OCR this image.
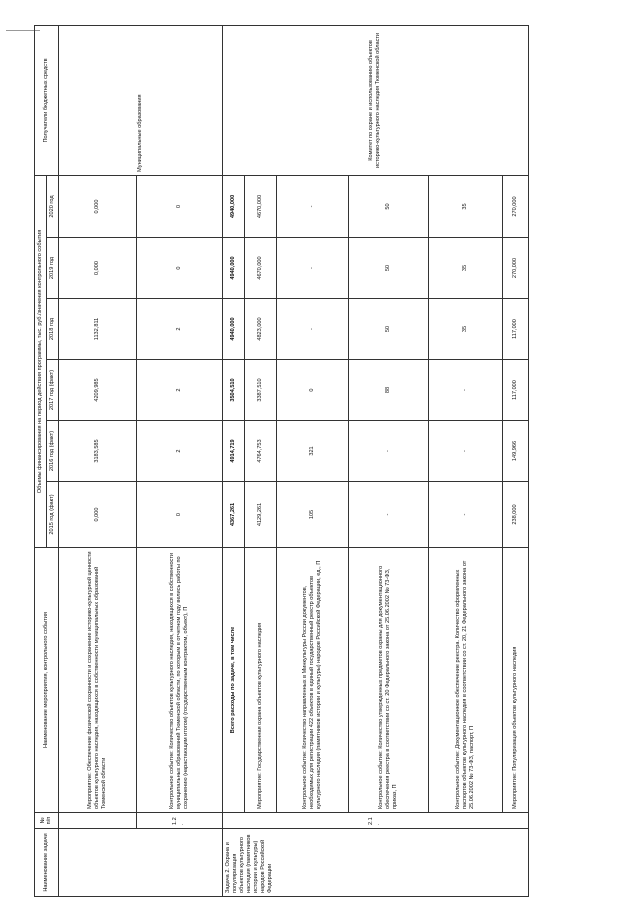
Наименование задачи	№ п/п	Наименование мероприятия, контрольного события	Объемы финансирования на период действия программы, тыс. руб./значения контрольного события						Получатели бюджетных средств
			2015 год (факт)	2016 год (факт)	2017 год (факт)	2018 год	2019 год	2020 год	
		Мероприятие: Обеспечение физической сохранности и сохранение историко-культурной ценности объектов культурного наследия, находящихся в собственности муниципальных образований Тюменской области	0,000	3183,585	4209,985	1132,811	0,000	0,000	Муниципальные образования
	1.2.	Контрольное событие: Количество объектов культурного наследия, находящихся в собственности муниципальных образований Тюменской области, по которым в отчетном году велись работы по сохранению (нарастающим итогом) (государственным контрактом, объект), П	0	2	2	2	0	0	
Задача 2. Охрана и популяризация объектов культурного наследия (памятников истории и культуры) народов Российской Федерации	2.1.	Всего расходы по задаче, в том числе	4367,261	4914,719	3504,510	4940,000	4940,000	4940,000	Комитет по охране и использованию объектов историко-культурного наследия Тюменской области
		Мероприятие: Государственная охрана объектов культурного наследия	4129,261	4764,753	3387,510	4823,000	4670,000	4670,000	
		Контрольное событие: Количество направленных в Минкультуры России документов, необходимых для регистрации 422 объектов в единый государственный реестр объектов культурного наследия (памятников истории и культуры) народов Российской Федерации, ед., П	105	321	0	-	-	-	
		Контрольное событие: Количество утвержденных предметов охраны для документационного обеспечения реестра в соответствии со ст. 20 Федерального закона от 25.06.2002 № 73-ФЗ, приказ, П	-	-	88	50	50	50	
		Контрольное событие: Документационное обеспечение реестра. Количество оформленных паспортов объектов культурного наследия в соответствии со ст. 20, 21 Федерального закона от 25.06.2002 № 73-ФЗ, паспорт, П	-	-	-	35	35	35	
		Мероприятие: Популяризация объектов культурного наследия	238,000	149,966	117,000	117,000	270,000	270,000	
